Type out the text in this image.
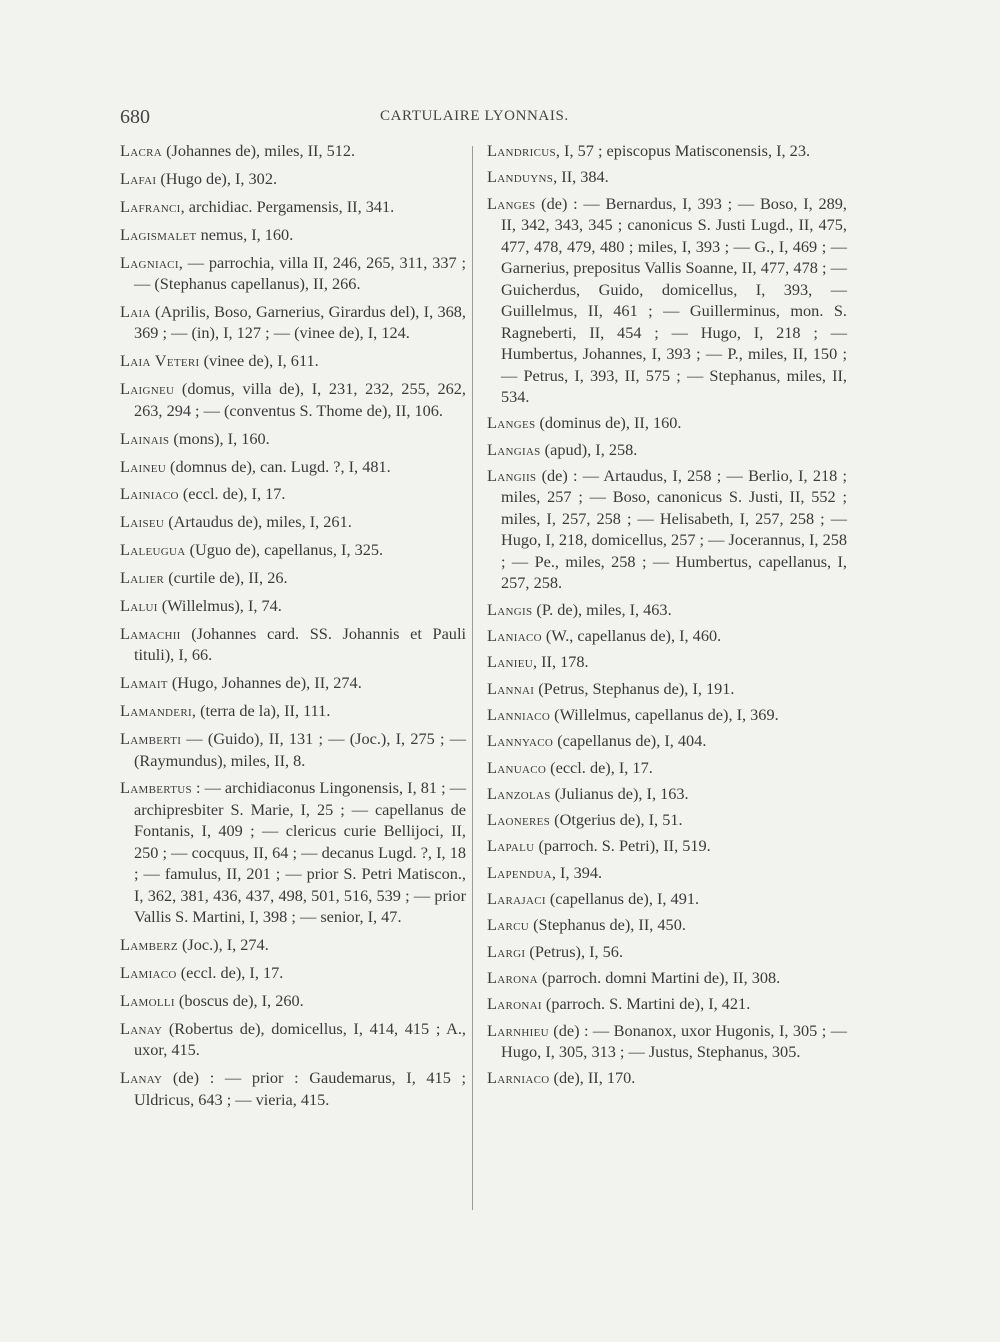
680	CARTULAIRE LYONNAIS.
Lacra (Johannes de), miles, II, 512.
Lafai (Hugo de), I, 302.
Lafranci, archidiac. Pergamensis, II, 341.
Lagismalet nemus, I, 160.
Lagniaci, — parrochia, villa II, 246, 265, 311, 337 ; — (Stephanus capellanus), II, 266.
Laia (Aprilis, Boso, Garnerius, Girardus del), I, 368, 369 ; — (in), I, 127 ; — (vinee de), I, 124.
Laia Veteri (vinee de), I, 611.
Laigneu (domus, villa de), I, 231, 232, 255, 262, 263, 294 ; — (conventus S. Thome de), II, 106.
Lainais (mons), I, 160.
Laineu (domnus de), can. Lugd. ?, I, 481.
Lainiaco (eccl. de), I, 17.
Laiseu (Artaudus de), miles, I, 261.
Laleugua (Uguo de), capellanus, I, 325.
Lalier (curtile de), II, 26.
Lalui (Willelmus), I, 74.
Lamachii (Johannes card. SS. Johannis et Pauli tituli), I, 66.
Lamait (Hugo, Johannes de), II, 274.
Lamanderi, (terra de la), II, 111.
Lamberti — (Guido), II, 131 ; — (Joc.), I, 275 ; — (Raymundus), miles, II, 8.
Lambertus : — archidiaconus Lingonensis, I, 81 ; — archipresbiter S. Marie, I, 25 ; — capellanus de Fontanis, I, 409 ; — clericus curie Bellijoci, II, 250 ; — cocquus, II, 64 ; — decanus Lugd. ?, I, 18 ; — famulus, II, 201 ; — prior S. Petri Matiscon., I, 362, 381, 436, 437, 498, 501, 516, 539 ; — prior Vallis S. Martini, I, 398 ; — senior, I, 47.
Lamberz (Joc.), I, 274.
Lamiaco (eccl. de), I, 17.
Lamolli (boscus de), I, 260.
Lanay (Robertus de), domicellus, I, 414, 415 ; A., uxor, 415.
Lanay (de) : — prior : Gaudemarus, I, 415 ; Uldricus, 643 ; — vieria, 415.
Landricus, I, 57 ; episcopus Matisconensis, I, 23.
Landuyns, II, 384.
Langes (de) : — Bernardus, I, 393 ; — Boso, I, 289, II, 342, 343, 345 ; canonicus S. Justi Lugd., II, 475, 477, 478, 479, 480 ; miles, I, 393 ; — G., I, 469 ; — Garnerius, prepositus Vallis Soanne, II, 477, 478 ; — Guicherdus, Guido, domicellus, I, 393, — Guillelmus, II, 461 ; — Guillerminus, mon. S. Ragneberti, II, 454 ; — Hugo, I, 218 ; — Humbertus, Johannes, I, 393 ; — P., miles, II, 150 ; — Petrus, I, 393, II, 575 ; — Stephanus, miles, II, 534.
Langes (dominus de), II, 160.
Langias (apud), I, 258.
Langiis (de) : — Artaudus, I, 258 ; — Berlio, I, 218 ; miles, 257 ; — Boso, canonicus S. Justi, II, 552 ; miles, I, 257, 258 ; — Helisabeth, I, 257, 258 ; — Hugo, I, 218, domicellus, 257 ; — Jocerannus, I, 258 ; — Pe., miles, 258 ; — Humbertus, capellanus, I, 257, 258.
Langis (P. de), miles, I, 463.
Laniaco (W., capellanus de), I, 460.
Lanieu, II, 178.
Lannai (Petrus, Stephanus de), I, 191.
Lanniaco (Willelmus, capellanus de), I, 369.
Lannyaco (capellanus de), I, 404.
Lanuaco (eccl. de), I, 17.
Lanzolas (Julianus de), I, 163.
Laoneres (Otgerius de), I, 51.
Lapalu (parroch. S. Petri), II, 519.
Lapendua, I, 394.
Larajaci (capellanus de), I, 491.
Larcu (Stephanus de), II, 450.
Largi (Petrus), I, 56.
Larona (parroch. domni Martini de), II, 308.
Laronai (parroch. S. Martini de), I, 421.
Larnhieu (de) : — Bonanox, uxor Hugonis, I, 305 ; — Hugo, I, 305, 313 ; — Justus, Stephanus, 305.
Larniaco (de), II, 170.
